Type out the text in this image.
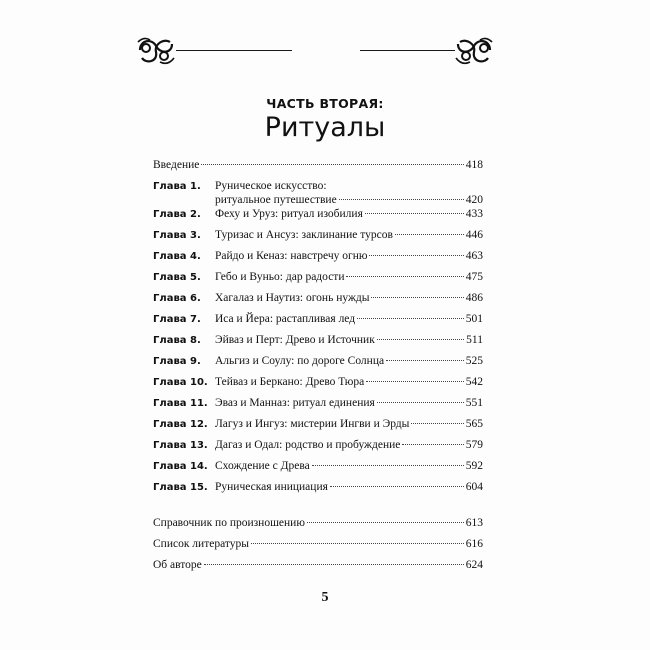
ЧАСТЬ ВТОРАЯ:
Ритуалы
Введение	418
Глава 1. Руническое искусство:
ритуальное путешествие	420
Глава 2. Феху и Уруз: ритуал изобилия	433
Глава 3. Туризас и Ансуз: заклинание турсов	446
Глава 4. Райдо и Кеназ: навстречу огню	463
Глава 5. Гебо и Вуньо: дар радости	475
Глава 6. Хагалаз и Наутиз: огонь нужды	486
Глава 7. Иса и Йера: растапливая лед	501
Глава 8. Эйваз и Перт: Древо и Источник	511
Глава 9. Альгиз и Соулу: по дороге Солнца	525
Глава 10. Тейваз и Беркано: Древо Тюра	542
Глава 11. Эваз и Манназ: ритуал единения	551
Глава 12. Лагуз и Ингуз: мистерии Ингви и Эрды	565
Глава 13. Дагаз и Одал: родство и пробуждение	579
Глава 14. Схождение с Древа	592
Глава 15. Руническая инициация	604
Справочник по произношению	613
Список литературы	616
Об авторе	624
5
